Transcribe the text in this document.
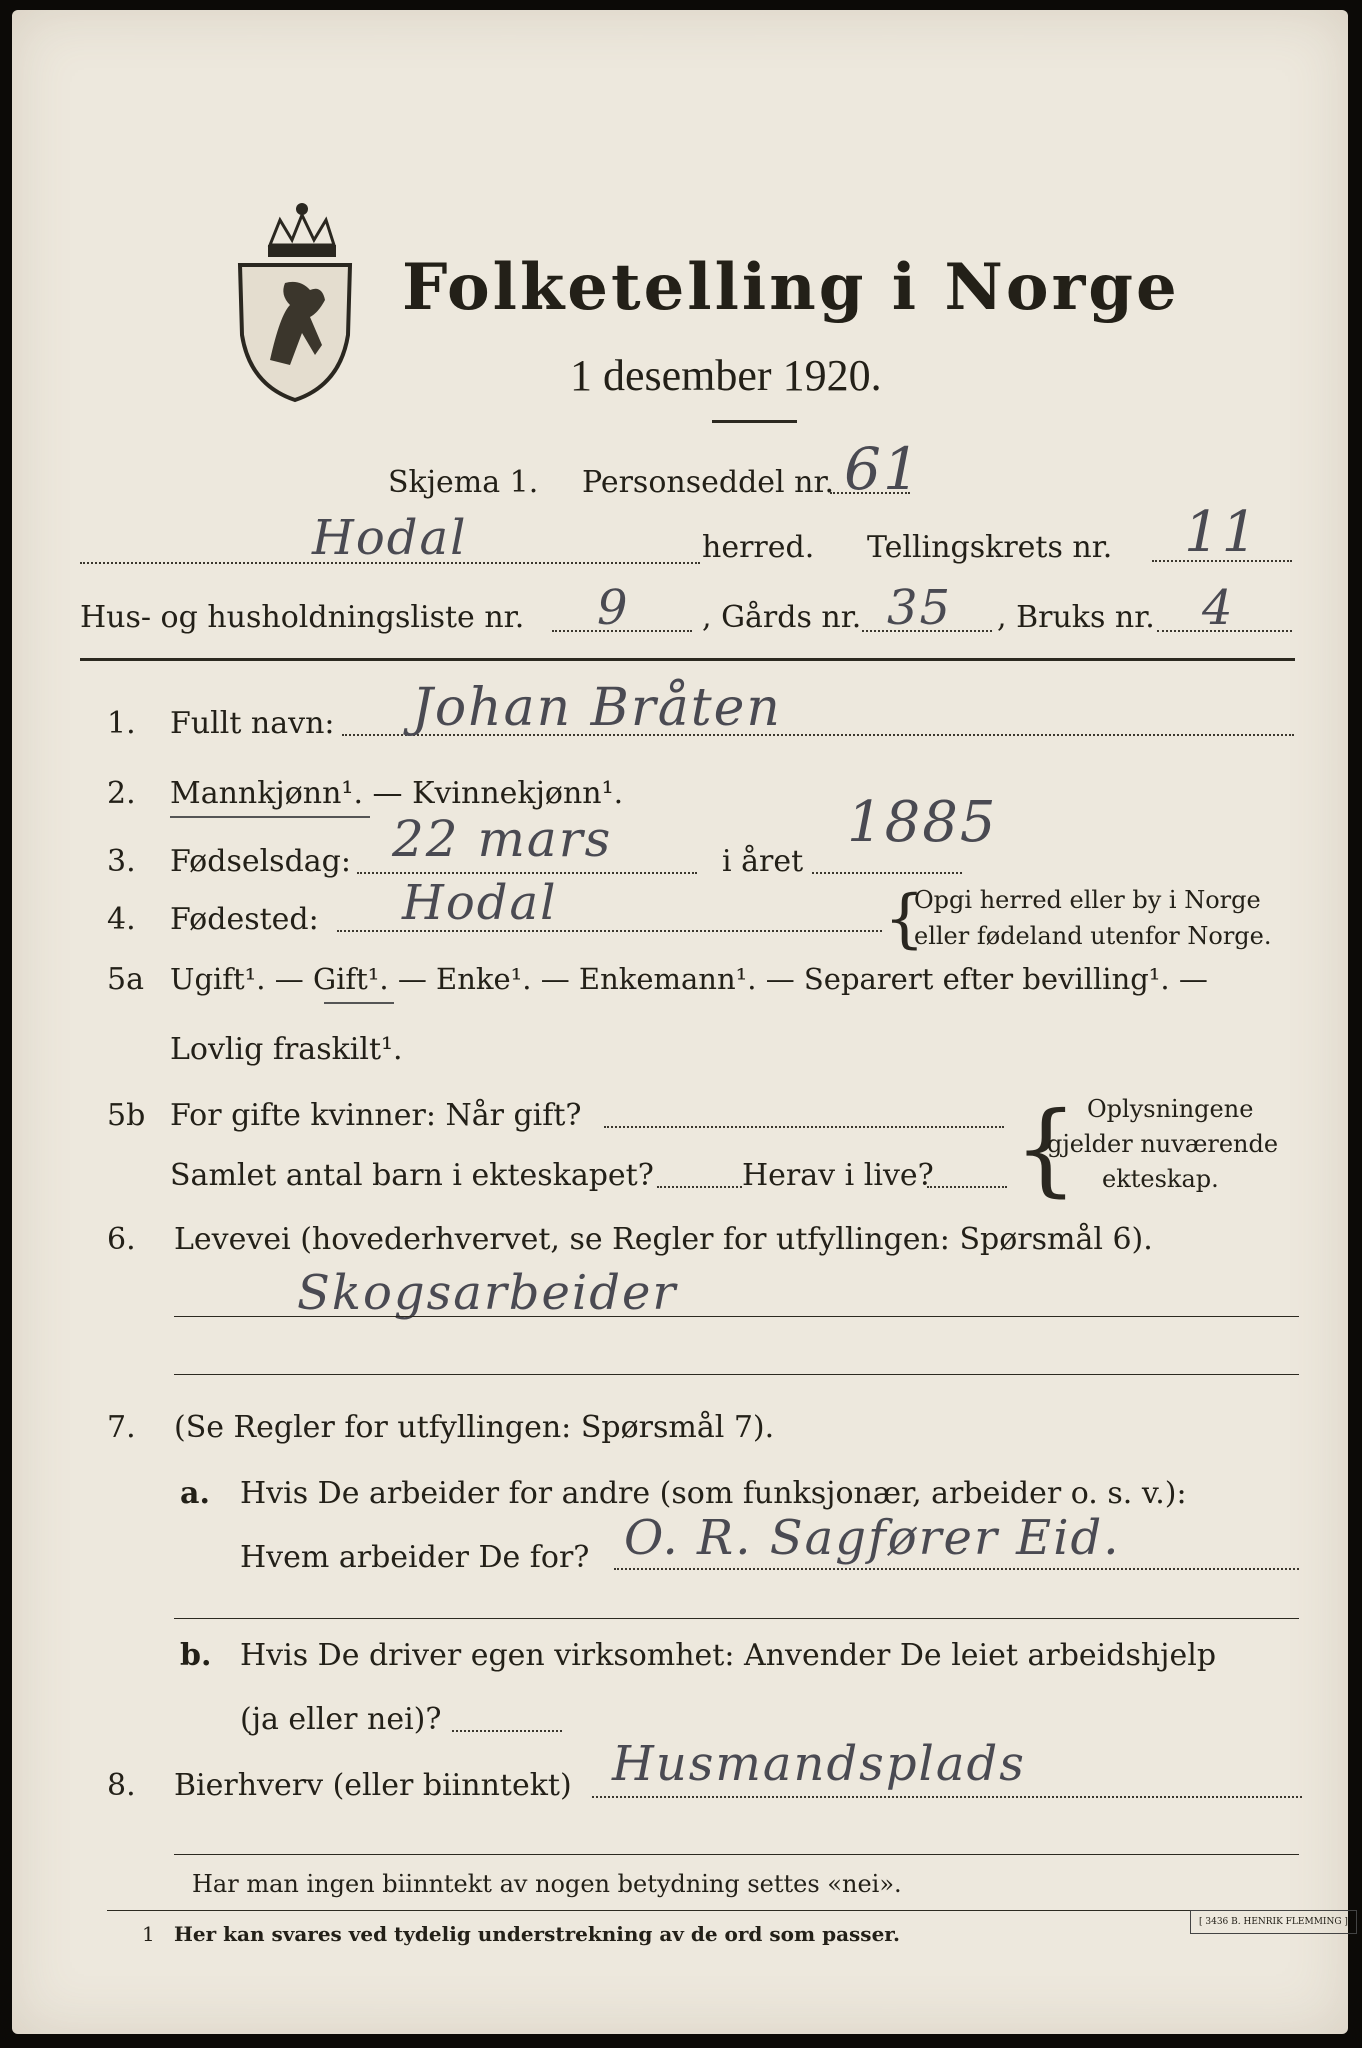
Folketelling i Norge
1 desember 1920.
Skjema 1. Personseddel nr. 61
Hodal	herred. Tellingskrets nr. 11
Hus- og husholdningsliste nr. 9 , Gårds nr. 35 , Bruks nr. 4
1. Fullt navn: Johan Bråten
2. Mannkjønn¹. — Kvinnekjønn¹.
3. Fødselsdag: 22 mars	i året
1885
4. Fødested: Hodal	{
Opgi herred eller by i Norge
eller fødeland utenfor Norge.
5a Ugift¹. — Gift¹. — Enke¹. — Enkemann¹. — Separert efter bevilling¹. —
Lovlig fraskilt¹.
5b For gifte kvinner: Når gift?
Samlet antal barn i ekteskapet?	Herav i live? { Oplysningene
gjelder nuværende
ekteskap.
6. Levevei (hovederhvervet, se Regler for utfyllingen: Spørsmål 6).
Skogsarbeider
7. (Se Regler for utfyllingen: Spørsmål 7).
a. Hvis De arbeider for andre (som funksjonær, arbeider o. s. v.):
Hvem arbeider De for? O. R. Sagfører Eid.
b. Hvis De driver egen virksomhet: Anvender De leiet arbeidshjelp
(ja eller nei)?
8. Bierhverv (eller biinntekt) Husmandsplads
Har man ingen biinntekt av nogen betydning settes «nei».
1 Her kan svares ved tydelig understrekning av de ord som passer.	[ 3436 B. HENRIK FLEMMING ]
